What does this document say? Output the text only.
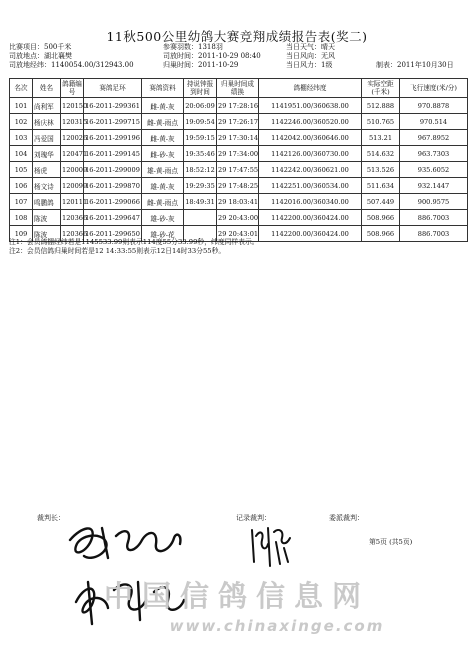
11秋500公里幼鸽大赛竞翔成绩报告表(奖二)
比赛项目：500千米
司放地点：湖北襄樊
司放地经纬：1140054.00/312943.00
参赛羽数：1318羽
司放时间：2011-10-29 08:40
归巢时间：2011-10-29
当日天气：晴天
当日风向：无风
当日风力：1级	制表：2011年10月30日
名次	姓名	鸽籍编号	赛鸽足环	赛鸽资料	持说钟报到时间	归巢时间成绩换	鸽棚经纬度	实际空距(千米)	飞行速度(米/分)
101	尚利军	120150	16-2011-299361	雌-黄-灰	20:06:09	29 17:28:16	1141951.00/360638.00	512.888	970.8878
102	杨庆林	120315	16-2011-299715	雌-黄-雨点	19:09:54	29 17:26:17	1142246.00/360520.00	510.765	970.514
103	冯爱国	120026	16-2011-299196	雌-黄-灰	19:59:15	29 17:30:14	1142042.00/360646.00	513.21	967.8952
104	刘瑰华	120471	16-2011-299145	雌-砂-灰	19:35:46	29 17:34:00	1142126.00/360730.00	514.632	963.7303
105	杨虎	120009	16-2011-299009	雄-黄-雨点	18:52:12	29 17:47:55	1142242.00/360621.00	513.526	935.6052
106	杨文诗	120099	16-2011-299870	雄-黄-灰	19:29:35	29 17:48:25	1142251.00/360534.00	511.634	932.1447
107	鸣鹏鸽	120111	16-2011-299066	雌-黄-雨点	18:49:31	29 18:03:41	1142016.00/360340.00	507.449	900.9575
108	陈波	120366	16-2011-299647	雄-砂-灰		29 20:43:00	1142200.00/360424.00	508.966	886.7003
109	陈波	120366	16-2011-299650	雄-砂-花		29 20:43:01	1142200.00/360424.00	508.966	886.7003
注1：会员鸽棚经纬若是1145533.99则表示114度55分33.99秒，纬度同样表示。
注2：会员信鸽归巢时间若是12 14:33:55则表示12日14时33分55秒。
裁判长：	记录裁判：	委派裁判：
第5页 (共5页)
中国信鸽信息网
www.chinaxinge.com
